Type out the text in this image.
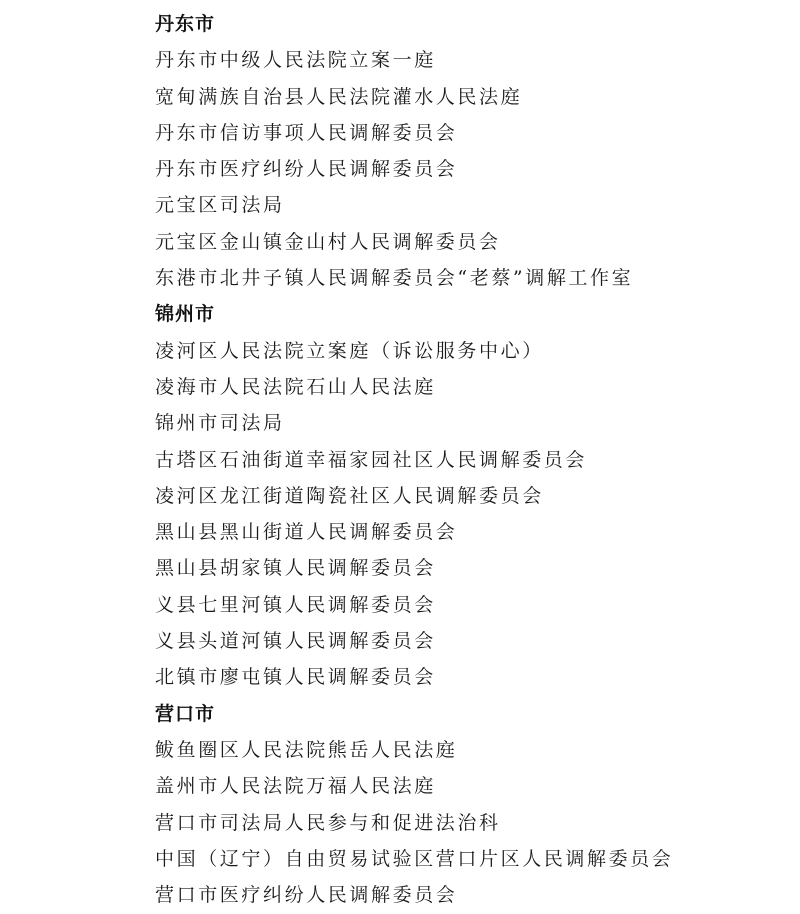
丹东市
丹东市中级人民法院立案一庭
宽甸满族自治县人民法院灌水人民法庭
丹东市信访事项人民调解委员会
丹东市医疗纠纷人民调解委员会
元宝区司法局
元宝区金山镇金山村人民调解委员会
东港市北井子镇人民调解委员会“老蔡”调解工作室
锦州市
凌河区人民法院立案庭（诉讼服务中心）
凌海市人民法院石山人民法庭
锦州市司法局
古塔区石油街道幸福家园社区人民调解委员会
凌河区龙江街道陶瓷社区人民调解委员会
黑山县黑山街道人民调解委员会
黑山县胡家镇人民调解委员会
义县七里河镇人民调解委员会
义县头道河镇人民调解委员会
北镇市廖屯镇人民调解委员会
营口市
鲅鱼圈区人民法院熊岳人民法庭
盖州市人民法院万福人民法庭
营口市司法局人民参与和促进法治科
中国（辽宁）自由贸易试验区营口片区人民调解委员会
营口市医疗纠纷人民调解委员会
